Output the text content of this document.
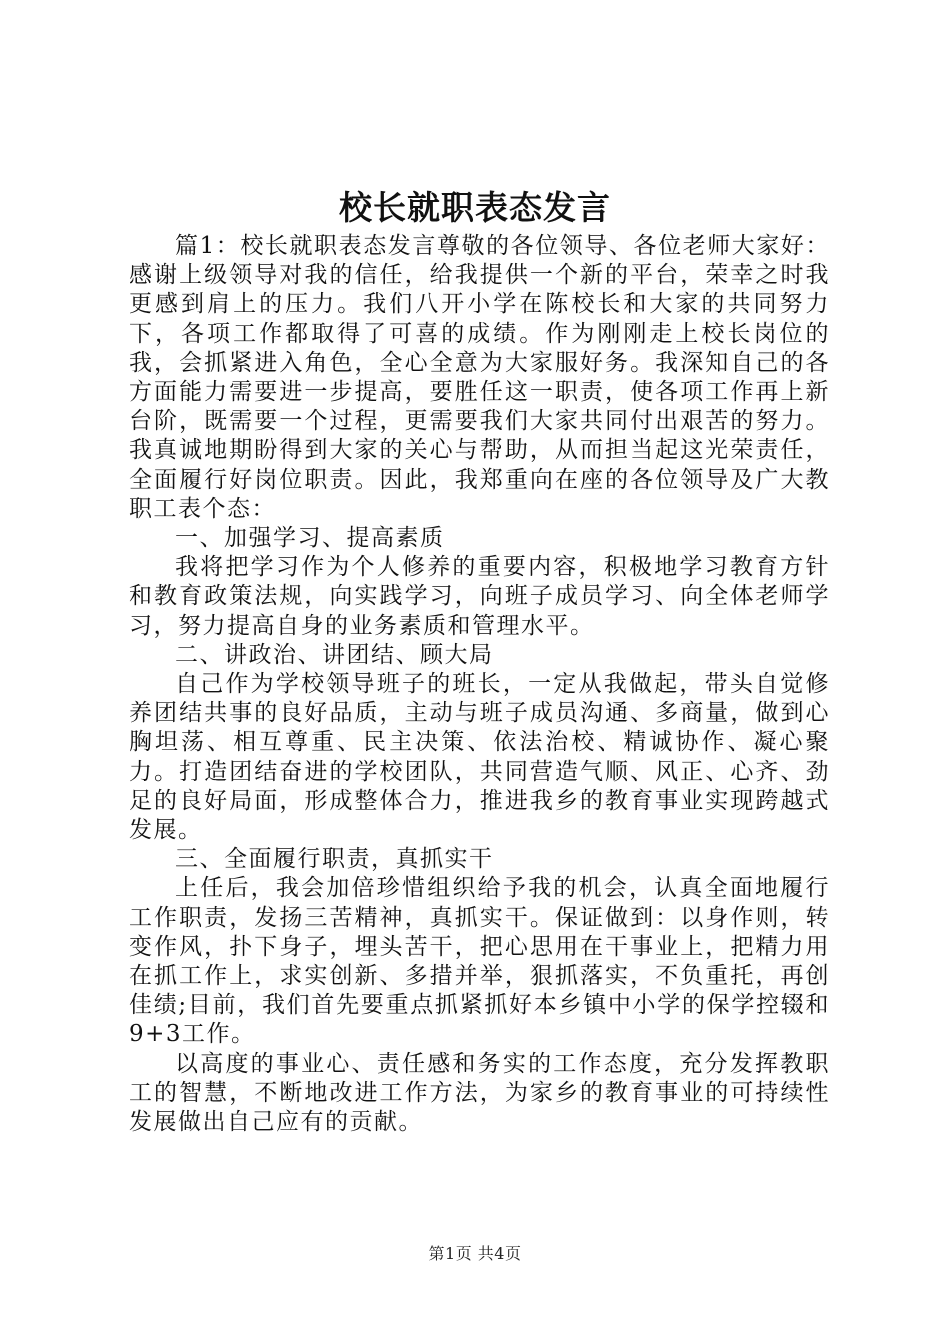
校长就职表态发言

篇1：校长就职表态发言尊敬的各位领导、各位老师大家好：感谢上级领导对我的信任，给我提供一个新的平台，荣幸之时我更感到肩上的压力。我们八开小学在陈校长和大家的共同努力下，各项工作都取得了可喜的成绩。作为刚刚走上校长岗位的我，会抓紧进入角色，全心全意为大家服好务。我深知自己的各方面能力需要进一步提高，要胜任这一职责，使各项工作再上新台阶，既需要一个过程，更需要我们大家共同付出艰苦的努力。我真诚地期盼得到大家的关心与帮助，从而担当起这光荣责任，全面履行好岗位职责。因此，我郑重向在座的各位领导及广大教职工表个态：

一、加强学习、提高素质

我将把学习作为个人修养的重要内容，积极地学习教育方针和教育政策法规，向实践学习，向班子成员学习、向全体老师学习，努力提高自身的业务素质和管理水平。

二、讲政治、讲团结、顾大局

自己作为学校领导班子的班长，一定从我做起，带头自觉修养团结共事的良好品质，主动与班子成员沟通、多商量，做到心胸坦荡、相互尊重、民主决策、依法治校、精诚协作、凝心聚力。打造团结奋进的学校团队，共同营造气顺、风正、心齐、劲足的良好局面，形成整体合力，推进我乡的教育事业实现跨越式发展。

三、全面履行职责，真抓实干

上任后，我会加倍珍惜组织给予我的机会，认真全面地履行工作职责，发扬三苦精神，真抓实干。保证做到：以身作则，转变作风，扑下身子，埋头苦干，把心思用在干事业上，把精力用在抓工作上，求实创新、多措并举，狠抓落实，不负重托，再创佳绩;目前，我们首先要重点抓紧抓好本乡镇中小学的保学控辍和9+3工作。

以高度的事业心、责任感和务实的工作态度，充分发挥教职工的智慧，不断地改进工作方法，为家乡的教育事业的可持续性发展做出自己应有的贡献。

第1页 共4页
